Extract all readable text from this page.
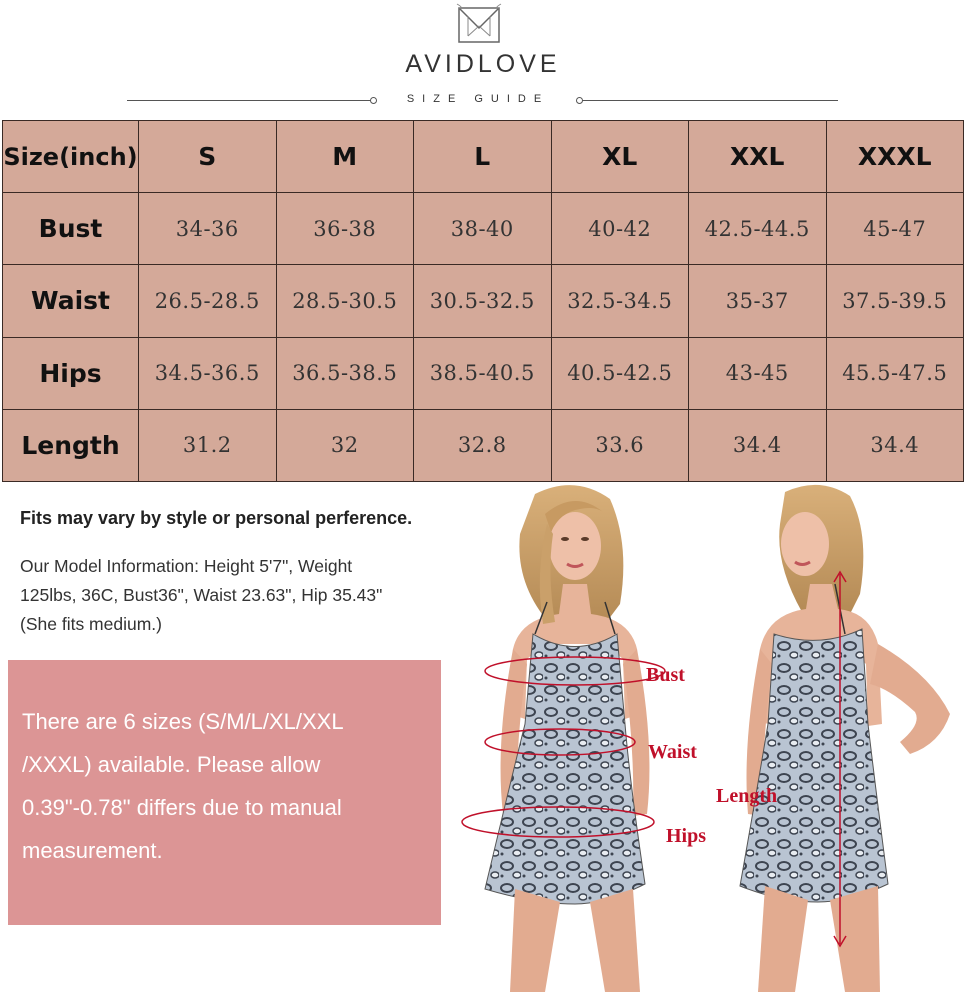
AVIDLOVE
SIZE GUIDE
Size(inch)	S	M	L	XL	XXL	XXXL
Bust	34-36	36-38	38-40	40-42	42.5-44.5	45-47
Waist	26.5-28.5	28.5-30.5	30.5-32.5	32.5-34.5	35-37	37.5-39.5
Hips	34.5-36.5	36.5-38.5	38.5-40.5	40.5-42.5	43-45	45.5-47.5
Length	31.2	32	32.8	33.6	34.4	34.4
Fits may vary by style or personal perference.
Our Model Information: Height 5'7", Weight
125lbs, 36C, Bust36", Waist 23.63", Hip 35.43"
(She fits medium.)
There are 6 sizes (S/M/L/XL/XXL
/XXXL) available. Please allow
0.39"-0.78" differs due to manual
measurement.
Bust
Waist
Hips
Length
